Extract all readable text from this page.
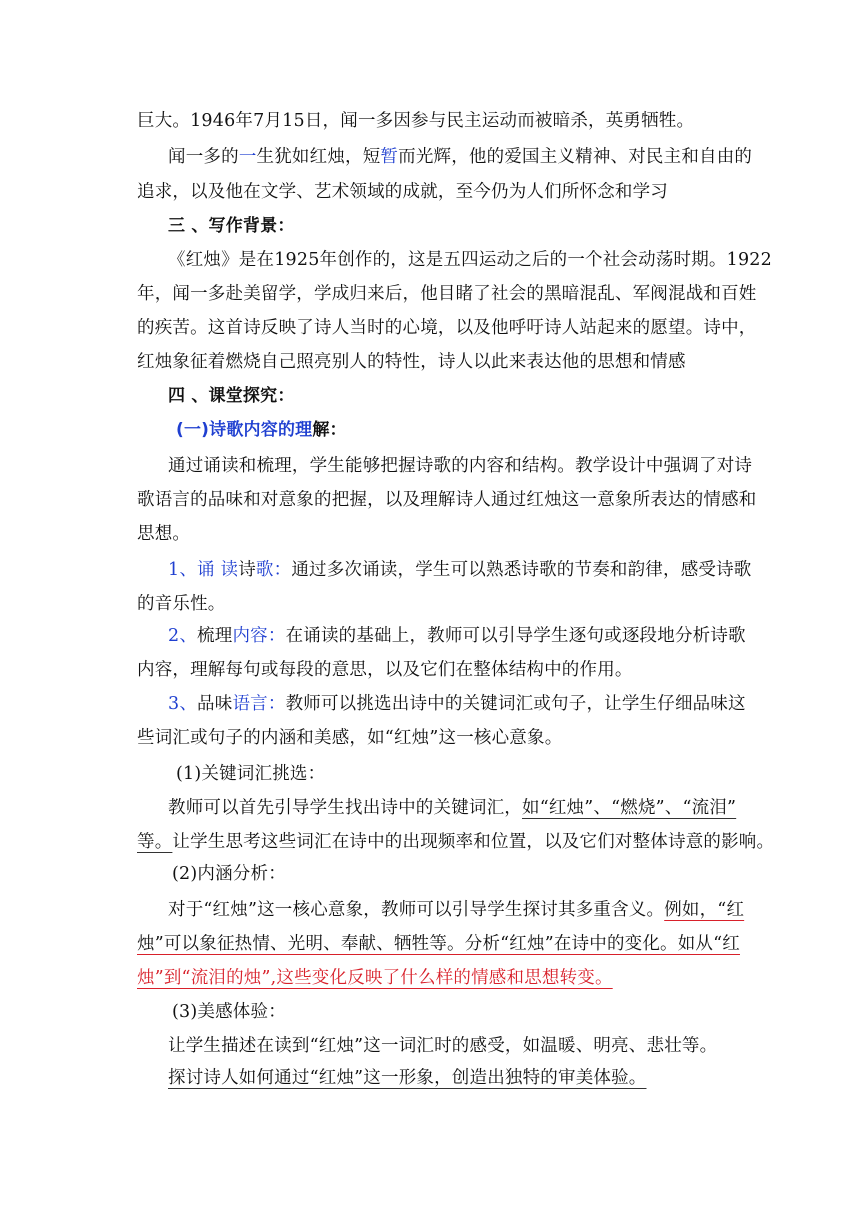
巨大。1946年7月15日，闻一多因参与民主运动而被暗杀，英勇牺牲。
闻一多的一生犹如红烛，短暂而光辉，他的爱国主义精神、对民主和自由的
追求，以及他在文学、艺术领域的成就，至今仍为人们所怀念和学习
三 、写作背景：
《红烛》是在1925年创作的，这是五四运动之后的一个社会动荡时期。1922
年，闻一多赴美留学，学成归来后，他目睹了社会的黑暗混乱、军阀混战和百姓
的疾苦。这首诗反映了诗人当时的心境，以及他呼吁诗人站起来的愿望。诗中，
红烛象征着燃烧自己照亮别人的特性，诗人以此来表达他的思想和情感
四 、课堂探究：
(一)诗歌内容的理解：
通过诵读和梳理，学生能够把握诗歌的内容和结构。教学设计中强调了对诗
歌语言的品味和对意象的把握，以及理解诗人通过红烛这一意象所表达的情感和
思想。
1、诵 读诗歌：通过多次诵读，学生可以熟悉诗歌的节奏和韵律，感受诗歌
的音乐性。
2、梳理内容：在诵读的基础上，教师可以引导学生逐句或逐段地分析诗歌
内容，理解每句或每段的意思，以及它们在整体结构中的作用。
3、品味语言：教师可以挑选出诗中的关键词汇或句子，让学生仔细品味这
些词汇或句子的内涵和美感，如“红烛”这一核心意象。
(1)关键词汇挑选：
教师可以首先引导学生找出诗中的关键词汇，如“红烛”、“燃烧”、“流泪”
等。让学生思考这些词汇在诗中的出现频率和位置，以及它们对整体诗意的影响。
(2)内涵分析：
对于“红烛”这一核心意象，教师可以引导学生探讨其多重含义。例如，“红
烛”可以象征热情、光明、奉献、牺牲等。分析“红烛”在诗中的变化。如从“红
烛”到“流泪的烛”,这些变化反映了什么样的情感和思想转变。
(3)美感体验：
让学生描述在读到“红烛”这一词汇时的感受，如温暖、明亮、悲壮等。
探讨诗人如何通过“红烛”这一形象，创造出独特的审美体验。
